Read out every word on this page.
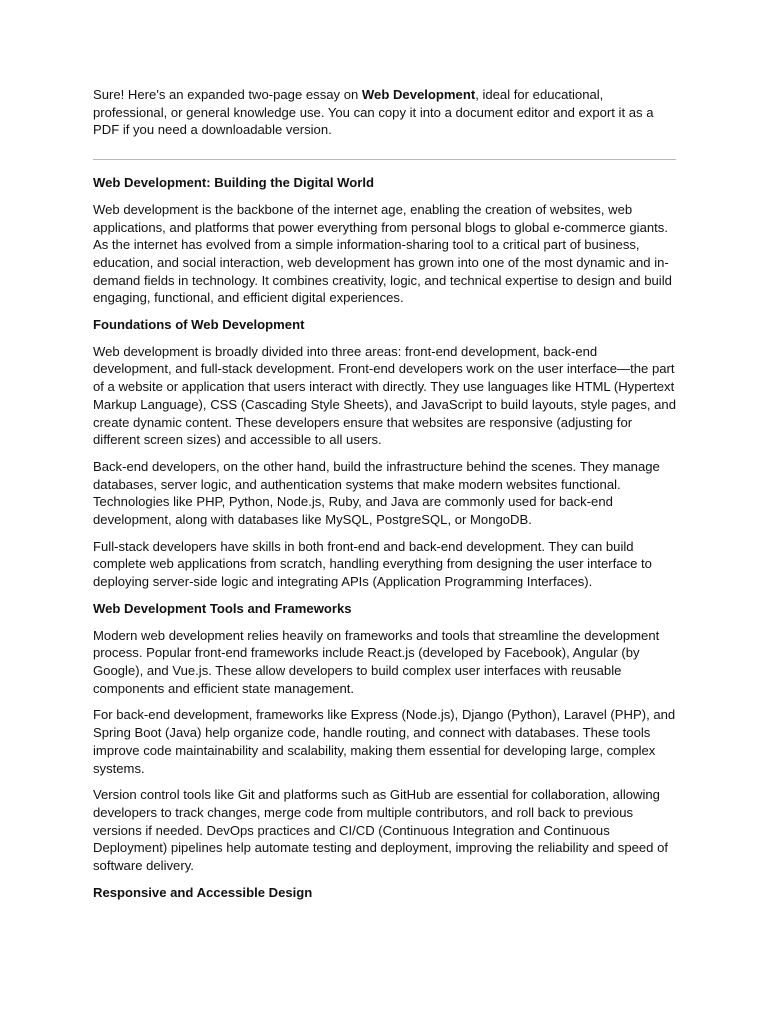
Sure! Here's an expanded two-page essay on Web Development, ideal for educational, professional, or general knowledge use. You can copy it into a document editor and export it as a PDF if you need a downloadable version.

Web Development: Building the Digital World

Web development is the backbone of the internet age, enabling the creation of websites, web applications, and platforms that power everything from personal blogs to global e-commerce giants. As the internet has evolved from a simple information-sharing tool to a critical part of business, education, and social interaction, web development has grown into one of the most dynamic and in-demand fields in technology. It combines creativity, logic, and technical expertise to design and build engaging, functional, and efficient digital experiences.

Foundations of Web Development

Web development is broadly divided into three areas: front-end development, back-end development, and full-stack development. Front-end developers work on the user interface—the part of a website or application that users interact with directly. They use languages like HTML (Hypertext Markup Language), CSS (Cascading Style Sheets), and JavaScript to build layouts, style pages, and create dynamic content. These developers ensure that websites are responsive (adjusting for different screen sizes) and accessible to all users.

Back-end developers, on the other hand, build the infrastructure behind the scenes. They manage databases, server logic, and authentication systems that make modern websites functional. Technologies like PHP, Python, Node.js, Ruby, and Java are commonly used for back-end development, along with databases like MySQL, PostgreSQL, or MongoDB.

Full-stack developers have skills in both front-end and back-end development. They can build complete web applications from scratch, handling everything from designing the user interface to deploying server-side logic and integrating APIs (Application Programming Interfaces).

Web Development Tools and Frameworks

Modern web development relies heavily on frameworks and tools that streamline the development process. Popular front-end frameworks include React.js (developed by Facebook), Angular (by Google), and Vue.js. These allow developers to build complex user interfaces with reusable components and efficient state management.

For back-end development, frameworks like Express (Node.js), Django (Python), Laravel (PHP), and Spring Boot (Java) help organize code, handle routing, and connect with databases. These tools improve code maintainability and scalability, making them essential for developing large, complex systems.

Version control tools like Git and platforms such as GitHub are essential for collaboration, allowing developers to track changes, merge code from multiple contributors, and roll back to previous versions if needed. DevOps practices and CI/CD (Continuous Integration and Continuous Deployment) pipelines help automate testing and deployment, improving the reliability and speed of software delivery.

Responsive and Accessible Design
